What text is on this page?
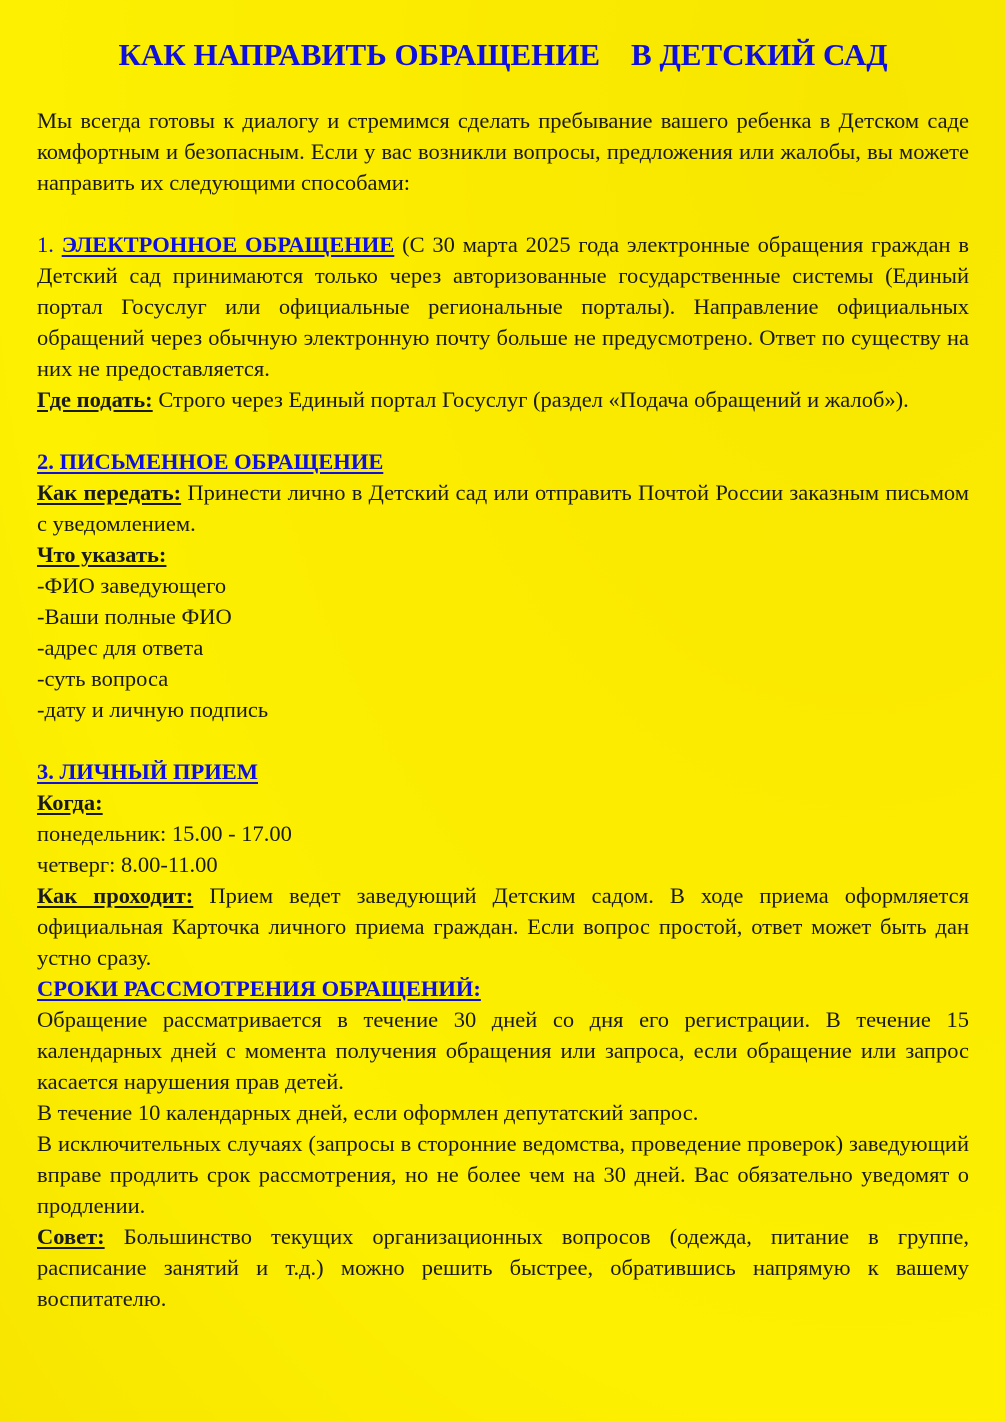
КАК НАПРАВИТЬ ОБРАЩЕНИЕ    В ДЕТСКИЙ САД

Мы всегда готовы к диалогу и стремимся сделать пребывание вашего ребенка в Детском саде комфортным и безопасным. Если у вас возникли вопросы, предложения или жалобы, вы можете направить их следующими способами:

1. ЭЛЕКТРОННОЕ ОБРАЩЕНИЕ (С 30 марта 2025 года электронные обращения граждан в Детский сад принимаются только через авторизованные государственные системы (Единый портал Госуслуг или официальные региональные порталы). Направление официальных обращений через обычную электронную почту больше не предусмотрено. Ответ по существу на них не предоставляется.

Где подать: Строго через Единый портал Госуслуг (раздел «Подача обращений и жалоб»).

2. ПИСЬМЕННОЕ ОБРАЩЕНИЕ

Как передать: Принести лично в Детский сад или отправить Почтой России заказным письмом с уведомлением.

Что указать:

-ФИО заведующего

-Ваши полные ФИО

-адрес для ответа

-суть вопроса

-дату и личную подпись

3. ЛИЧНЫЙ ПРИЕМ

Когда:

понедельник: 15.00 - 17.00

четверг: 8.00-11.00

Как проходит: Прием ведет заведующий Детским садом. В ходе приема оформляется официальная Карточка личного приема граждан. Если вопрос простой, ответ может быть дан устно сразу.

СРОКИ РАССМОТРЕНИЯ ОБРАЩЕНИЙ:

Обращение рассматривается в течение 30 дней со дня его регистрации. В течение 15 календарных дней с момента получения обращения или запроса, если обращение или запрос касается нарушения прав детей.

В течение 10 календарных дней, если оформлен депутатский запрос.

В исключительных случаях (запросы в сторонние ведомства, проведение проверок) заведующий вправе продлить срок рассмотрения, но не более чем на 30 дней. Вас обязательно уведомят о продлении.

Совет: Большинство текущих организационных вопросов (одежда, питание в группе, расписание занятий и т.д.) можно решить быстрее, обратившись напрямую к вашему воспитателю.
